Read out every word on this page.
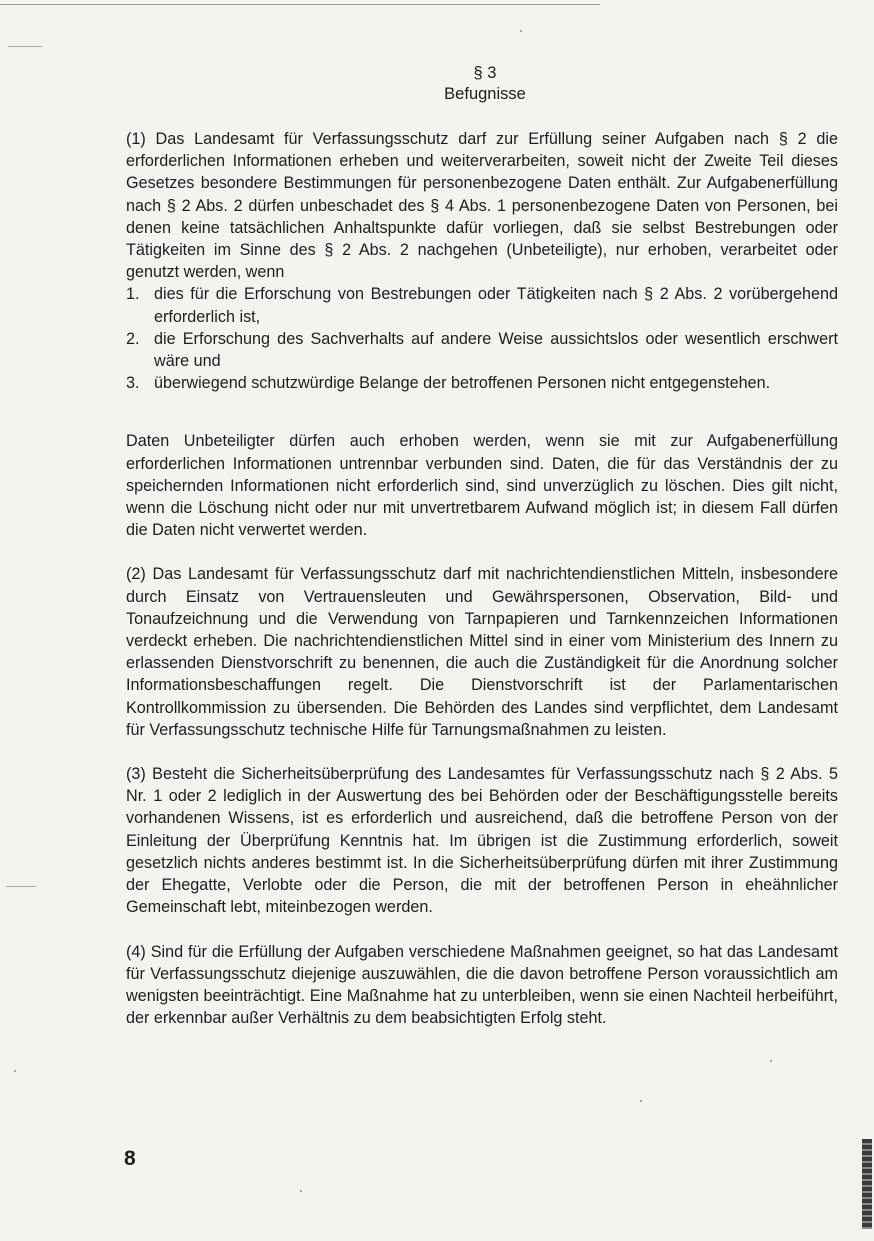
§ 3
Befugnisse

(1) Das Landesamt für Verfassungsschutz darf zur Erfüllung seiner Aufgaben nach § 2 die erforderlichen Informationen erheben und weiterverarbeiten, soweit nicht der Zweite Teil dieses Gesetzes besondere Bestimmungen für personenbezogene Daten enthält. Zur Aufgabenerfüllung nach § 2 Abs. 2 dürfen unbeschadet des § 4 Abs. 1 personenbezogene Daten von Personen, bei denen keine tatsächlichen Anhaltspunkte dafür vorliegen, daß sie selbst Bestrebungen oder Tätigkeiten im Sinne des § 2 Abs. 2 nachgehen (Unbeteiligte), nur erhoben, verarbeitet oder genutzt werden, wenn

1. dies für die Erforschung von Bestrebungen oder Tätigkeiten nach § 2 Abs. 2 vorübergehend erforderlich ist,
2. die Erforschung des Sachverhalts auf andere Weise aussichtslos oder wesentlich erschwert wäre und
3. überwiegend schutzwürdige Belange der betroffenen Personen nicht entgegenstehen.

Daten Unbeteiligter dürfen auch erhoben werden, wenn sie mit zur Aufgabenerfüllung erforderlichen Informationen untrennbar verbunden sind. Daten, die für das Verständnis der zu speichernden Informationen nicht erforderlich sind, sind unverzüglich zu löschen. Dies gilt nicht, wenn die Löschung nicht oder nur mit unvertretbarem Aufwand möglich ist; in diesem Fall dürfen die Daten nicht verwertet werden.

(2) Das Landesamt für Verfassungsschutz darf mit nachrichtendienstlichen Mitteln, insbesondere durch Einsatz von Vertrauensleuten und Gewährspersonen, Observation, Bild- und Tonaufzeichnung und die Verwendung von Tarnpapieren und Tarnkennzeichen Informationen verdeckt erheben. Die nachrichtendienstlichen Mittel sind in einer vom Ministerium des Innern zu erlassenden Dienstvorschrift zu benennen, die auch die Zuständigkeit für die Anordnung solcher Informationsbeschaffungen regelt. Die Dienstvorschrift ist der Parlamentarischen Kontrollkommission zu übersenden. Die Behörden des Landes sind verpflichtet, dem Landesamt für Verfassungsschutz technische Hilfe für Tarnungsmaßnahmen zu leisten.

(3) Besteht die Sicherheitsüberprüfung des Landesamtes für Verfassungsschutz nach § 2 Abs. 5 Nr. 1 oder 2 lediglich in der Auswertung des bei Behörden oder der Beschäftigungsstelle bereits vorhandenen Wissens, ist es erforderlich und ausreichend, daß die betroffene Person von der Einleitung der Überprüfung Kenntnis hat. Im übrigen ist die Zustimmung erforderlich, soweit gesetzlich nichts anderes bestimmt ist. In die Sicherheitsüberprüfung dürfen mit ihrer Zustimmung der Ehegatte, Verlobte oder die Person, die mit der betroffenen Person in eheähnlicher Gemeinschaft lebt, miteinbezogen werden.

(4) Sind für die Erfüllung der Aufgaben verschiedene Maßnahmen geeignet, so hat das Landesamt für Verfassungsschutz diejenige auszuwählen, die die davon betroffene Person voraussichtlich am wenigsten beeinträchtigt. Eine Maßnahme hat zu unterbleiben, wenn sie einen Nachteil herbeiführt, der erkennbar außer Verhältnis zu dem beabsichtigten Erfolg steht.

8
